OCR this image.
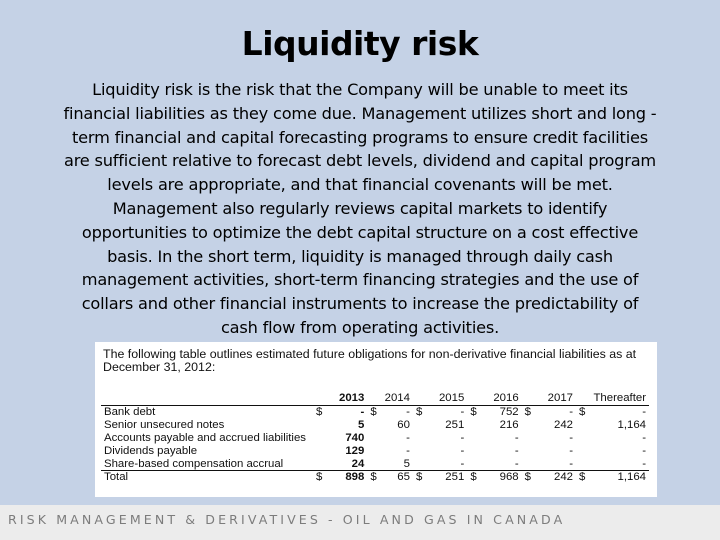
Liquidity risk
Liquidity risk is the risk that the Company will be unable to meet its financial liabilities as they come due. Management utilizes short and long -term financial and capital forecasting programs to ensure credit facilities are sufficient relative to forecast debt levels, dividend and capital program levels are appropriate, and that financial covenants will be met. Management also regularly reviews capital markets to identify opportunities to optimize the debt capital structure on a cost effective basis. In the short term, liquidity is managed through daily cash management activities, short-term financing strategies and the use of collars and other financial instruments to increase the predictability of cash flow from operating activities.
The following table outlines estimated future obligations for non-derivative financial liabilities as at December 31, 2012:
	2013		2014		2015		2016		2017		Thereafter	
Bank debt	$	-	$	-	$	-	$	752	$	-	$	-
Senior unsecured notes		5		60		251		216		242		1,164
Accounts payable and accrued liabilities		740		-		-		-		-		-
Dividends payable		129		-		-		-		-		-
Share-based compensation accrual		24		5		-		-		-		-
Total	$	898	$	65	$	251	$	968	$	242	$	1,164
RISK MANAGEMENT & DERIVATIVES - OIL AND GAS IN CANADA
